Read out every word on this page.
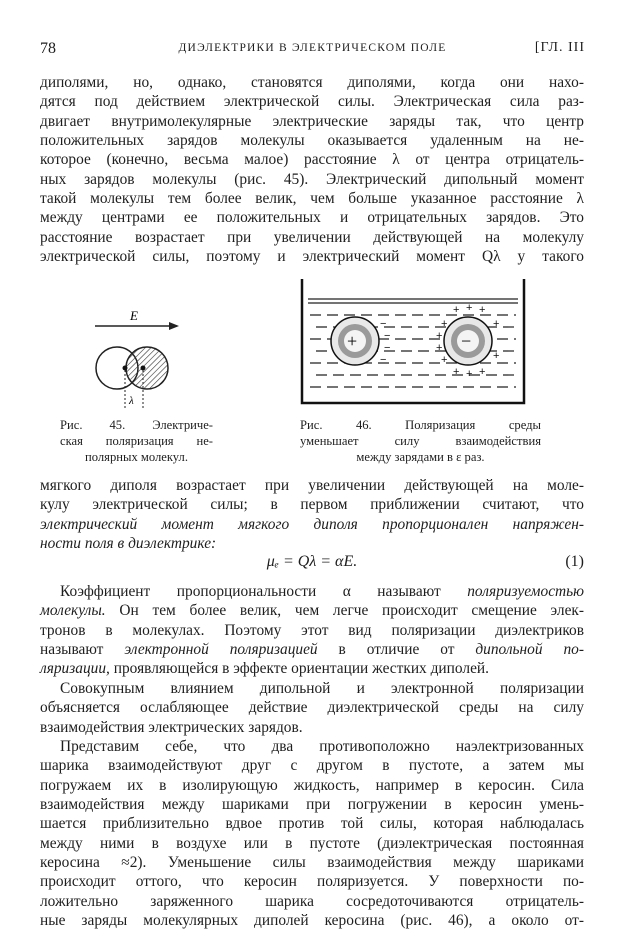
78	ДИЭЛЕКТРИКИ В ЭЛЕКТРИЧЕСКОМ ПОЛЕ	[ГЛ. III

диполями, но, однако, становятся диполями, когда они нахо-
дятся под действием электрической силы. Электрическая сила раз-
двигает внутримолекулярные электрические заряды так, что центр
положительных зарядов молекулы оказывается удаленным на не-
которое (конечно, весьма малое) расстояние λ от центра отрицатель-
ных зарядов молекулы (рис. 45). Электрический дипольный момент
такой молекулы тем более велик, чем больше указанное расстояние λ
между центрами ее положительных и отрицательных зарядов. Это
расстояние возрастает при увеличении действующей на молекулу
электрической силы, поэтому и электрический момент Qλ у такого

E
λ

Рис. 45. Электриче-
ская поляризация не-
полярных молекул.

+	−
−
−
−
−
+
+
+
+
+ + +
+ + +
+
+

Рис. 46. Поляризация среды
уменьшает силу взаимодействия
между зарядами в ε раз.

мягкого диполя возрастает при увеличении действующей на моле-
кулу электрической силы; в первом приближении считают, что
электрический момент мягкого диполя пропорционален напряжен-
ности поля в диэлектрике:

μₑ = Qλ = αE.	(1)

Коэффициент пропорциональности α называют поляризуемостью
молекулы. Он тем более велик, чем легче происходит смещение элек-
тронов в молекулах. Поэтому этот вид поляризации диэлектриков
называют электронной поляризацией в отличие от дипольной по-
ляризации, проявляющейся в эффекте ориентации жестких диполей.

Совокупным влиянием дипольной и электронной поляризации
объясняется ослабляющее действие диэлектрической среды на силу
взаимодействия электрических зарядов.

Представим себе, что два противоположно наэлектризованных
шарика взаимодействуют друг с другом в пустоте, а затем мы
погружаем их в изолирующую жидкость, например в керосин. Сила
взаимодействия между шариками при погружении в керосин умень-
шается приблизительно вдвое против той силы, которая наблюдалась
между ними в воздухе или в пустоте (диэлектрическая постоянная
керосина ≈2). Уменьшение силы взаимодействия между шариками
происходит оттого, что керосин поляризуется. У поверхности по-
ложительно заряженного шарика сосредоточиваются отрицатель-
ные заряды молекулярных диполей керосина (рис. 46), а около от-
